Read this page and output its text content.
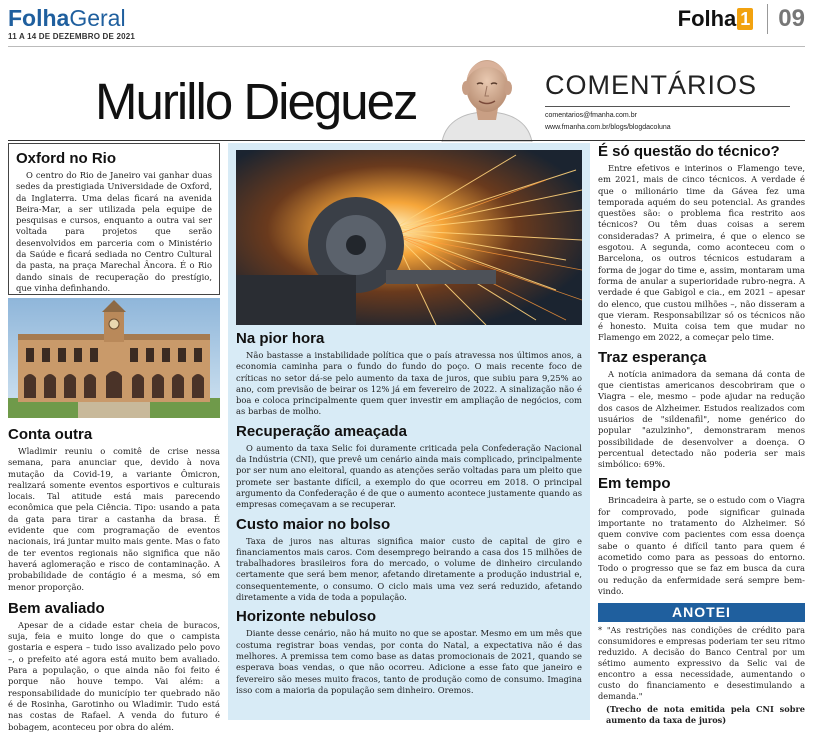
FolhaGeral
11 A 14 DE DEZEMBRO DE 2021
Folha 1 09
Murillo Dieguez	COMENTÁRIOS
comentarios@fmanha.com.br
www.fmanha.com.br/blogs/blogdacoluna
Oxford no Rio

O centro do Rio de Janeiro vai ganhar duas sedes da prestigiada Universidade de Oxford, da Inglaterra. Uma delas ficará na avenida Beira-Mar, a ser utilizada pela equipe de pesquisas e cursos, enquanto a outra vai ser voltada para projetos que serão desenvolvidos em parceria com o Ministério da Saúde e ficará sediada no Centro Cultural da pasta, na praça Marechal Âncora. É o Rio dando sinais de recuperação do prestígio, que vinha definhando.

Conta outra

Wladimir reuniu o comitê de crise nessa semana, para anunciar que, devido à nova mutação da Covid-19, a variante Ômicron, realizará somente eventos esportivos e culturais locais. Tal atitude está mais parecendo econômica que pela Ciência. Tipo: usando a pata da gata para tirar a castanha da brasa. É evidente que com programação de eventos nacionais, irá juntar muito mais gente. Mas o fato de ter eventos regionais não significa que não haverá aglomeração e risco de contaminação. A probabilidade de contágio é a mesma, só em menor proporção.

Bem avaliado

Apesar de a cidade estar cheia de buracos, suja, feia e muito longe do que o campista gostaria e espera – tudo isso avalizado pelo povo –, o prefeito até agora está muito bem avaliado. Para a população, o que ainda não foi feito é porque não houve tempo. Vai além: a responsabilidade do município ter quebrado não é de Rosinha, Garotinho ou Wladimir. Tudo está nas costas de Rafael. A venda do futuro é bobagem, aconteceu por obra do além.

Na pior hora

Não bastasse a instabilidade política que o país atravessa nos últimos anos, a economia caminha para o fundo do fundo do poço. O mais recente foco de críticas no setor dá-se pelo aumento da taxa de juros, que subiu para 9,25% ao ano, com previsão de beirar os 12% já em fevereiro de 2022. A sinalização não é boa e coloca principalmente quem quer investir em ampliação de negócios, com as barbas de molho.

Recuperação ameaçada

O aumento da taxa Selic foi duramente criticada pela Confederação Nacional da Indústria (CNI), que prevê um cenário ainda mais complicado, principalmente por ser num ano eleitoral, quando as atenções serão voltadas para um pleito que promete ser bastante difícil, a exemplo do que ocorreu em 2018. O principal argumento da Confederação é de que o aumento acontece justamente quando as empresas começavam a se recuperar.

Custo maior no bolso

Taxa de juros nas alturas significa maior custo de capital de giro e financiamentos mais caros. Com desemprego beirando a casa dos 15 milhões de trabalhadores brasileiros fora do mercado, o volume de dinheiro circulando certamente que será bem menor, afetando diretamente a produção industrial e, consequentemente, o consumo. O ciclo mais uma vez será reduzido, afetando diretamente a vida de toda a população.

Horizonte nebuloso

Diante desse cenário, não há muito no que se apostar. Mesmo em um mês que costuma registrar boas vendas, por conta do Natal, a expectativa não é das melhores. A premissa tem como base as datas promocionais de 2021, quando se esperava boas vendas, o que não ocorreu. Adicione a esse fato que janeiro e fevereiro são meses muito fracos, tanto de produção como de consumo. Imagina isso com a maioria da população sem dinheiro. Oremos.

É só questão do técnico?

Entre efetivos e interinos o Flamengo teve, em 2021, mais de cinco técnicos. A verdade é que o milionário time da Gávea fez uma temporada aquém do seu potencial. As grandes questões são: o problema fica restrito aos técnicos? Ou têm duas coisas a serem consideradas? A primeira, é que o elenco se esgotou. A segunda, como aconteceu com o Barcelona, os outros técnicos estudaram a forma de jogar do time e, assim, montaram uma forma de anular a superioridade rubro-negra. A verdade é que Gabigol e cia., em 2021 – apesar do elenco, que custou milhões –, não disseram a que vieram. Responsabilizar só os técnicos não é honesto. Muita coisa tem que mudar no Flamengo em 2022, a começar pelo time.

Traz esperança

A notícia animadora da semana dá conta de que cientistas americanos descobriram que o Viagra – ele, mesmo – pode ajudar na redução dos casos de Alzheimer. Estudos realizados com usuários de "sildenafil", nome genérico do popular "azulzinho", demonstraram menos possibilidade de desenvolver a doença. O percentual detectado não poderia ser mais simbólico: 69%.

Em tempo

Brincadeira à parte, se o estudo com o Viagra for comprovado, pode significar guinada importante no tratamento do Alzheimer. Só quem convive com pacientes com essa doença sabe o quanto é difícil tanto para quem é acometido como para as pessoas do entorno. Todo o progresso que se faz em busca da cura ou redução da enfermidade será sempre bem-vindo.

ANOTEI
* "As restrições nas condições de crédito para consumidores e empresas poderiam ter seu ritmo reduzido. A decisão do Banco Central por um sétimo aumento expressivo da Selic vai de encontro a essa necessidade, aumentando o custo do financiamento e desestimulando a demanda."
(Trecho de nota emitida pela CNI sobre aumento da taxa de juros)
